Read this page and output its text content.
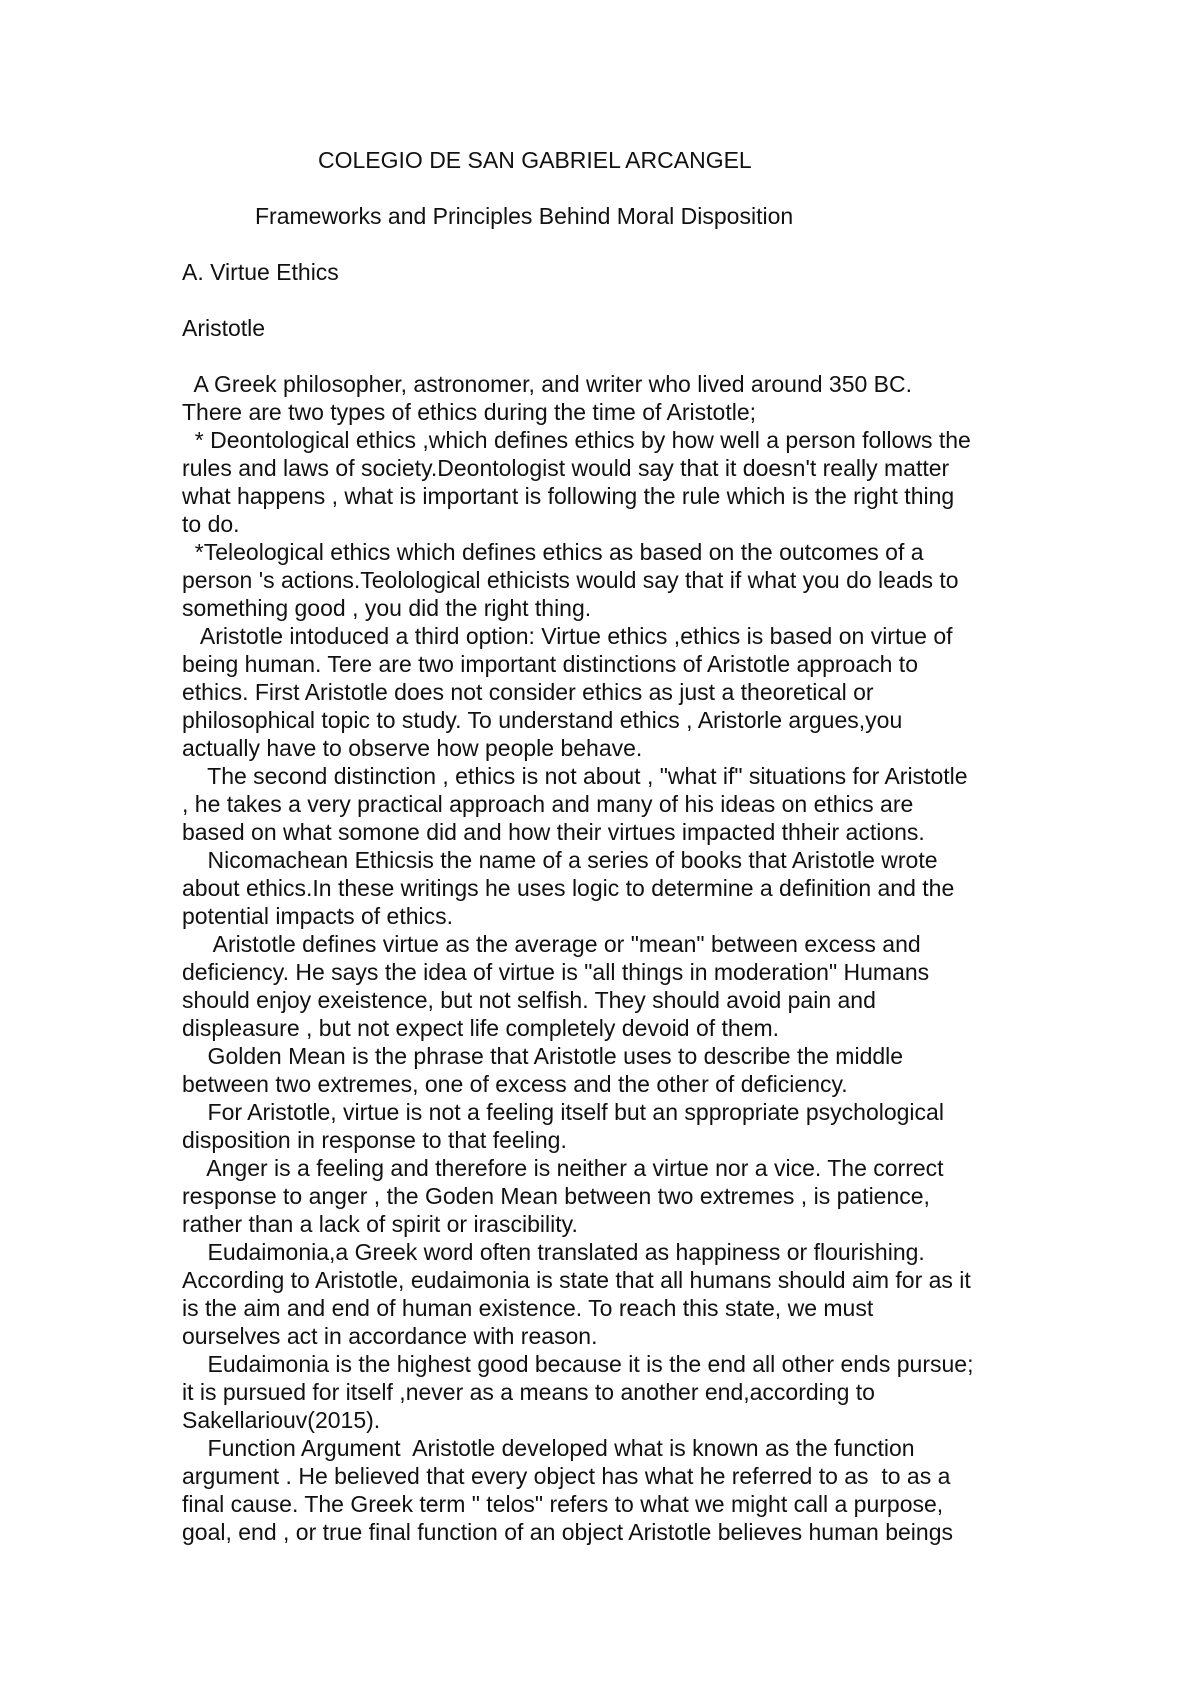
COLEGIO DE SAN GABRIEL ARCANGEL
Frameworks and Principles Behind Moral Disposition
A. Virtue Ethics
Aristotle
A Greek philosopher, astronomer, and writer who lived around 350 BC.
There are two types of ethics during the time of Aristotle;
* Deontological ethics ,which defines ethics by how well a person follows the
rules and laws of society.Deontologist would say that it doesn't really matter
what happens , what is important is following the rule which is the right thing
to do.
*Teleological ethics which defines ethics as based on the outcomes of a
person 's actions.Teolological ethicists would say that if what you do leads to
something good , you did the right thing.
Aristotle intoduced a third option: Virtue ethics ,ethics is based on virtue of
being human. Tere are two important distinctions of Aristotle approach to
ethics. First Aristotle does not consider ethics as just a theoretical or
philosophical topic to study. To understand ethics , Aristorle argues,you
actually have to observe how people behave.
The second distinction , ethics is not about , "what if" situations for Aristotle
, he takes a very practical approach and many of his ideas on ethics are
based on what somone did and how their virtues impacted thheir actions.
Nicomachean Ethicsis the name of a series of books that Aristotle wrote
about ethics.In these writings he uses logic to determine a definition and the
potential impacts of ethics.
Aristotle defines virtue as the average or "mean" between excess and
deficiency. He says the idea of virtue is "all things in moderation" Humans
should enjoy exeistence, but not selfish. They should avoid pain and
displeasure , but not expect life completely devoid of them.
Golden Mean is the phrase that Aristotle uses to describe the middle
between two extremes, one of excess and the other of deficiency.
For Aristotle, virtue is not a feeling itself but an sppropriate psychological
disposition in response to that feeling.
Anger is a feeling and therefore is neither a virtue nor a vice. The correct
response to anger , the Goden Mean between two extremes , is patience,
rather than a lack of spirit or irascibility.
Eudaimonia,a Greek word often translated as happiness or flourishing.
According to Aristotle, eudaimonia is state that all humans should aim for as it
is the aim and end of human existence. To reach this state, we must
ourselves act in accordance with reason.
Eudaimonia is the highest good because it is the end all other ends pursue;
it is pursued for itself ,never as a means to another end,according to
Sakellariouv(2015).
Function Argument  Aristotle developed what is known as the function
argument . He believed that every object has what he referred to as  to as a
final cause. The Greek term " telos" refers to what we might call a purpose,
goal, end , or true final function of an object Aristotle believes human beings
